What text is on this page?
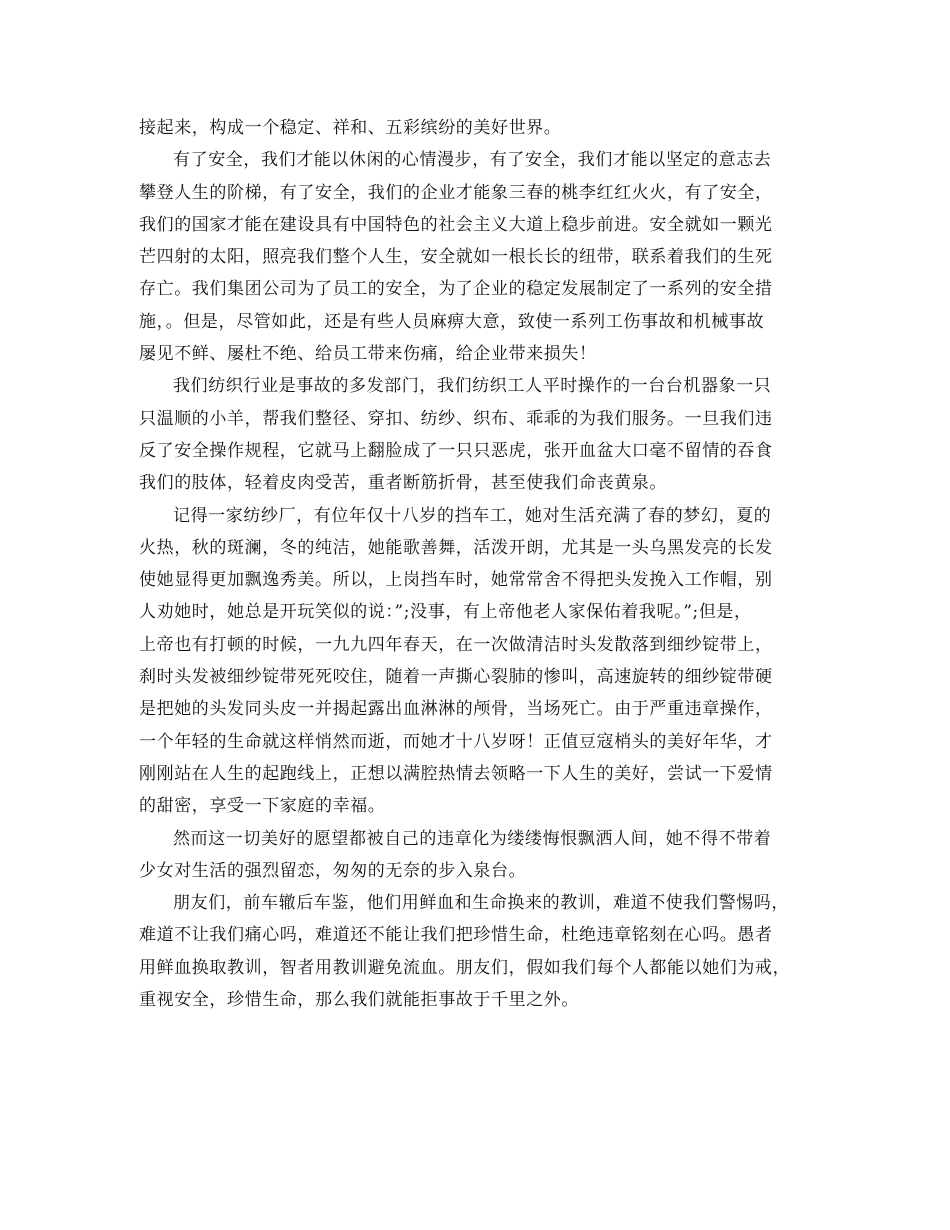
接起来，构成一个稳定、祥和、五彩缤纷的美好世界。
有了安全，我们才能以休闲的心情漫步，有了安全，我们才能以坚定的意志去
攀登人生的阶梯，有了安全，我们的企业才能象三春的桃李红红火火，有了安全，
我们的国家才能在建设具有中国特色的社会主义大道上稳步前进。安全就如一颗光
芒四射的太阳，照亮我们整个人生，安全就如一根长长的纽带，联系着我们的生死
存亡。我们集团公司为了员工的安全，为了企业的稳定发展制定了一系列的安全措
施，。但是，尽管如此，还是有些人员麻痹大意，致使一系列工伤事故和机械事故
屡见不鲜、屡杜不绝、给员工带来伤痛，给企业带来损失！
我们纺织行业是事故的多发部门，我们纺织工人平时操作的一台台机器象一只
只温顺的小羊，帮我们整径、穿扣、纺纱、织布、乖乖的为我们服务。一旦我们违
反了安全操作规程，它就马上翻脸成了一只只恶虎，张开血盆大口毫不留情的吞食
我们的肢体，轻着皮肉受苦，重者断筋折骨，甚至使我们命丧黄泉。
记得一家纺纱厂，有位年仅十八岁的挡车工，她对生活充满了春的梦幻，夏的
火热，秋的斑澜，冬的纯洁，她能歌善舞，活泼开朗，尤其是一头乌黑发亮的长发
使她显得更加飘逸秀美。所以，上岗挡车时，她常常舍不得把头发挽入工作帽，别
人劝她时，她总是开玩笑似的说：”;没事，有上帝他老人家保佑着我呢。”;但是，
上帝也有打顿的时候，一九九四年春天，在一次做清洁时头发散落到细纱锭带上，
刹时头发被细纱锭带死死咬住，随着一声撕心裂肺的惨叫，高速旋转的细纱锭带硬
是把她的头发同头皮一并揭起露出血淋淋的颅骨，当场死亡。由于严重违章操作，
一个年轻的生命就这样悄然而逝，而她才十八岁呀！正值豆寇梢头的美好年华，才
刚刚站在人生的起跑线上，正想以满腔热情去领略一下人生的美好，尝试一下爱情
的甜密，享受一下家庭的幸福。
然而这一切美好的愿望都被自己的违章化为缕缕悔恨飘洒人间，她不得不带着
少女对生活的强烈留恋，匆匆的无奈的步入泉台。
朋友们，前车辙后车鉴，他们用鲜血和生命换来的教训，难道不使我们警惕吗，
难道不让我们痛心吗，难道还不能让我们把珍惜生命，杜绝违章铭刻在心吗。愚者
用鲜血换取教训，智者用教训避免流血。朋友们，假如我们每个人都能以她们为戒，
重视安全，珍惜生命，那么我们就能拒事故于千里之外。
